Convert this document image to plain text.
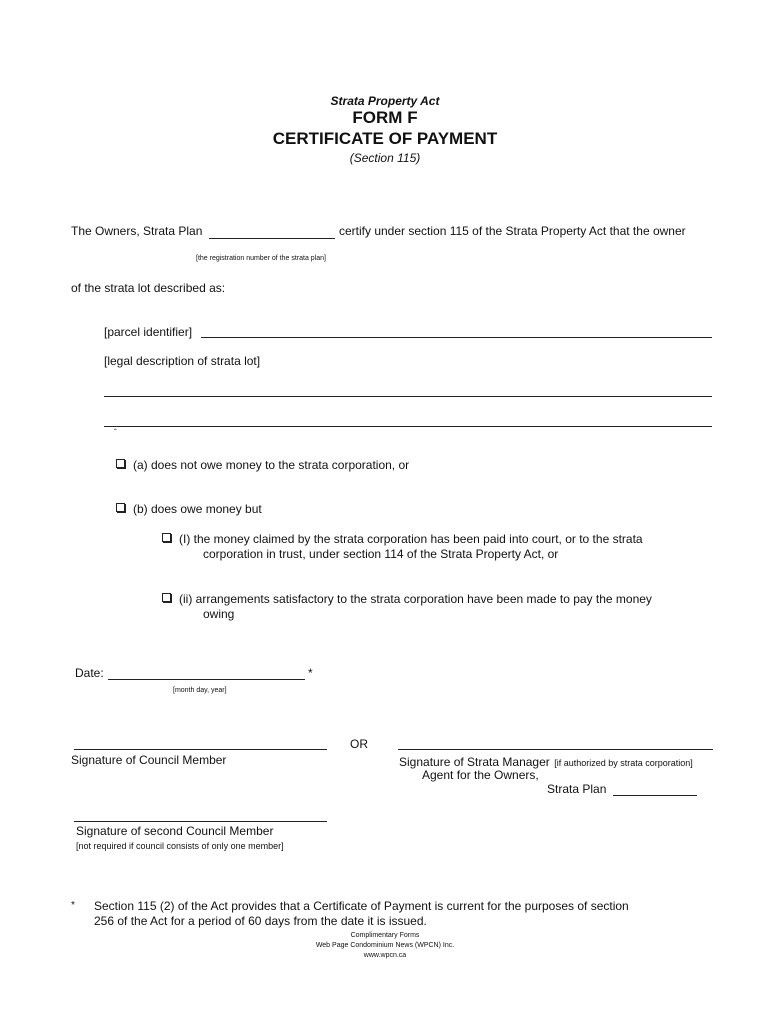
Strata Property Act
FORM F
CERTIFICATE OF PAYMENT
(Section 115)
The Owners, Strata Plan	certify under section 115 of the Strata Property Act that the owner
[the registration number of the strata plan]
of the strata lot described as:
[parcel identifier]
[legal description of strata lot]
ˆ
(a) does not owe money to the strata corporation, or
(b) does owe money but
(I) the money claimed by the strata corporation has been paid into court, or to the strata
corporation in trust, under section 114 of the Strata Property Act, or
(ii) arrangements satisfactory to the strata corporation have been made to pay the money
owing
Date:	*
[month day, year]
Signature of Council Member
OR
Signature of Strata Manager [if authorized by strata corporation]
Agent for the Owners,
Strata Plan
Signature of second Council Member
[not required if council consists of only one member]
* Section 115 (2) of the Act provides that a Certificate of Payment is current for the purposes of section
256 of the Act for a period of 60 days from the date it is issued.
Complimentary Forms
Web Page Condominium News (WPCN) Inc.
www.wpcn.ca
